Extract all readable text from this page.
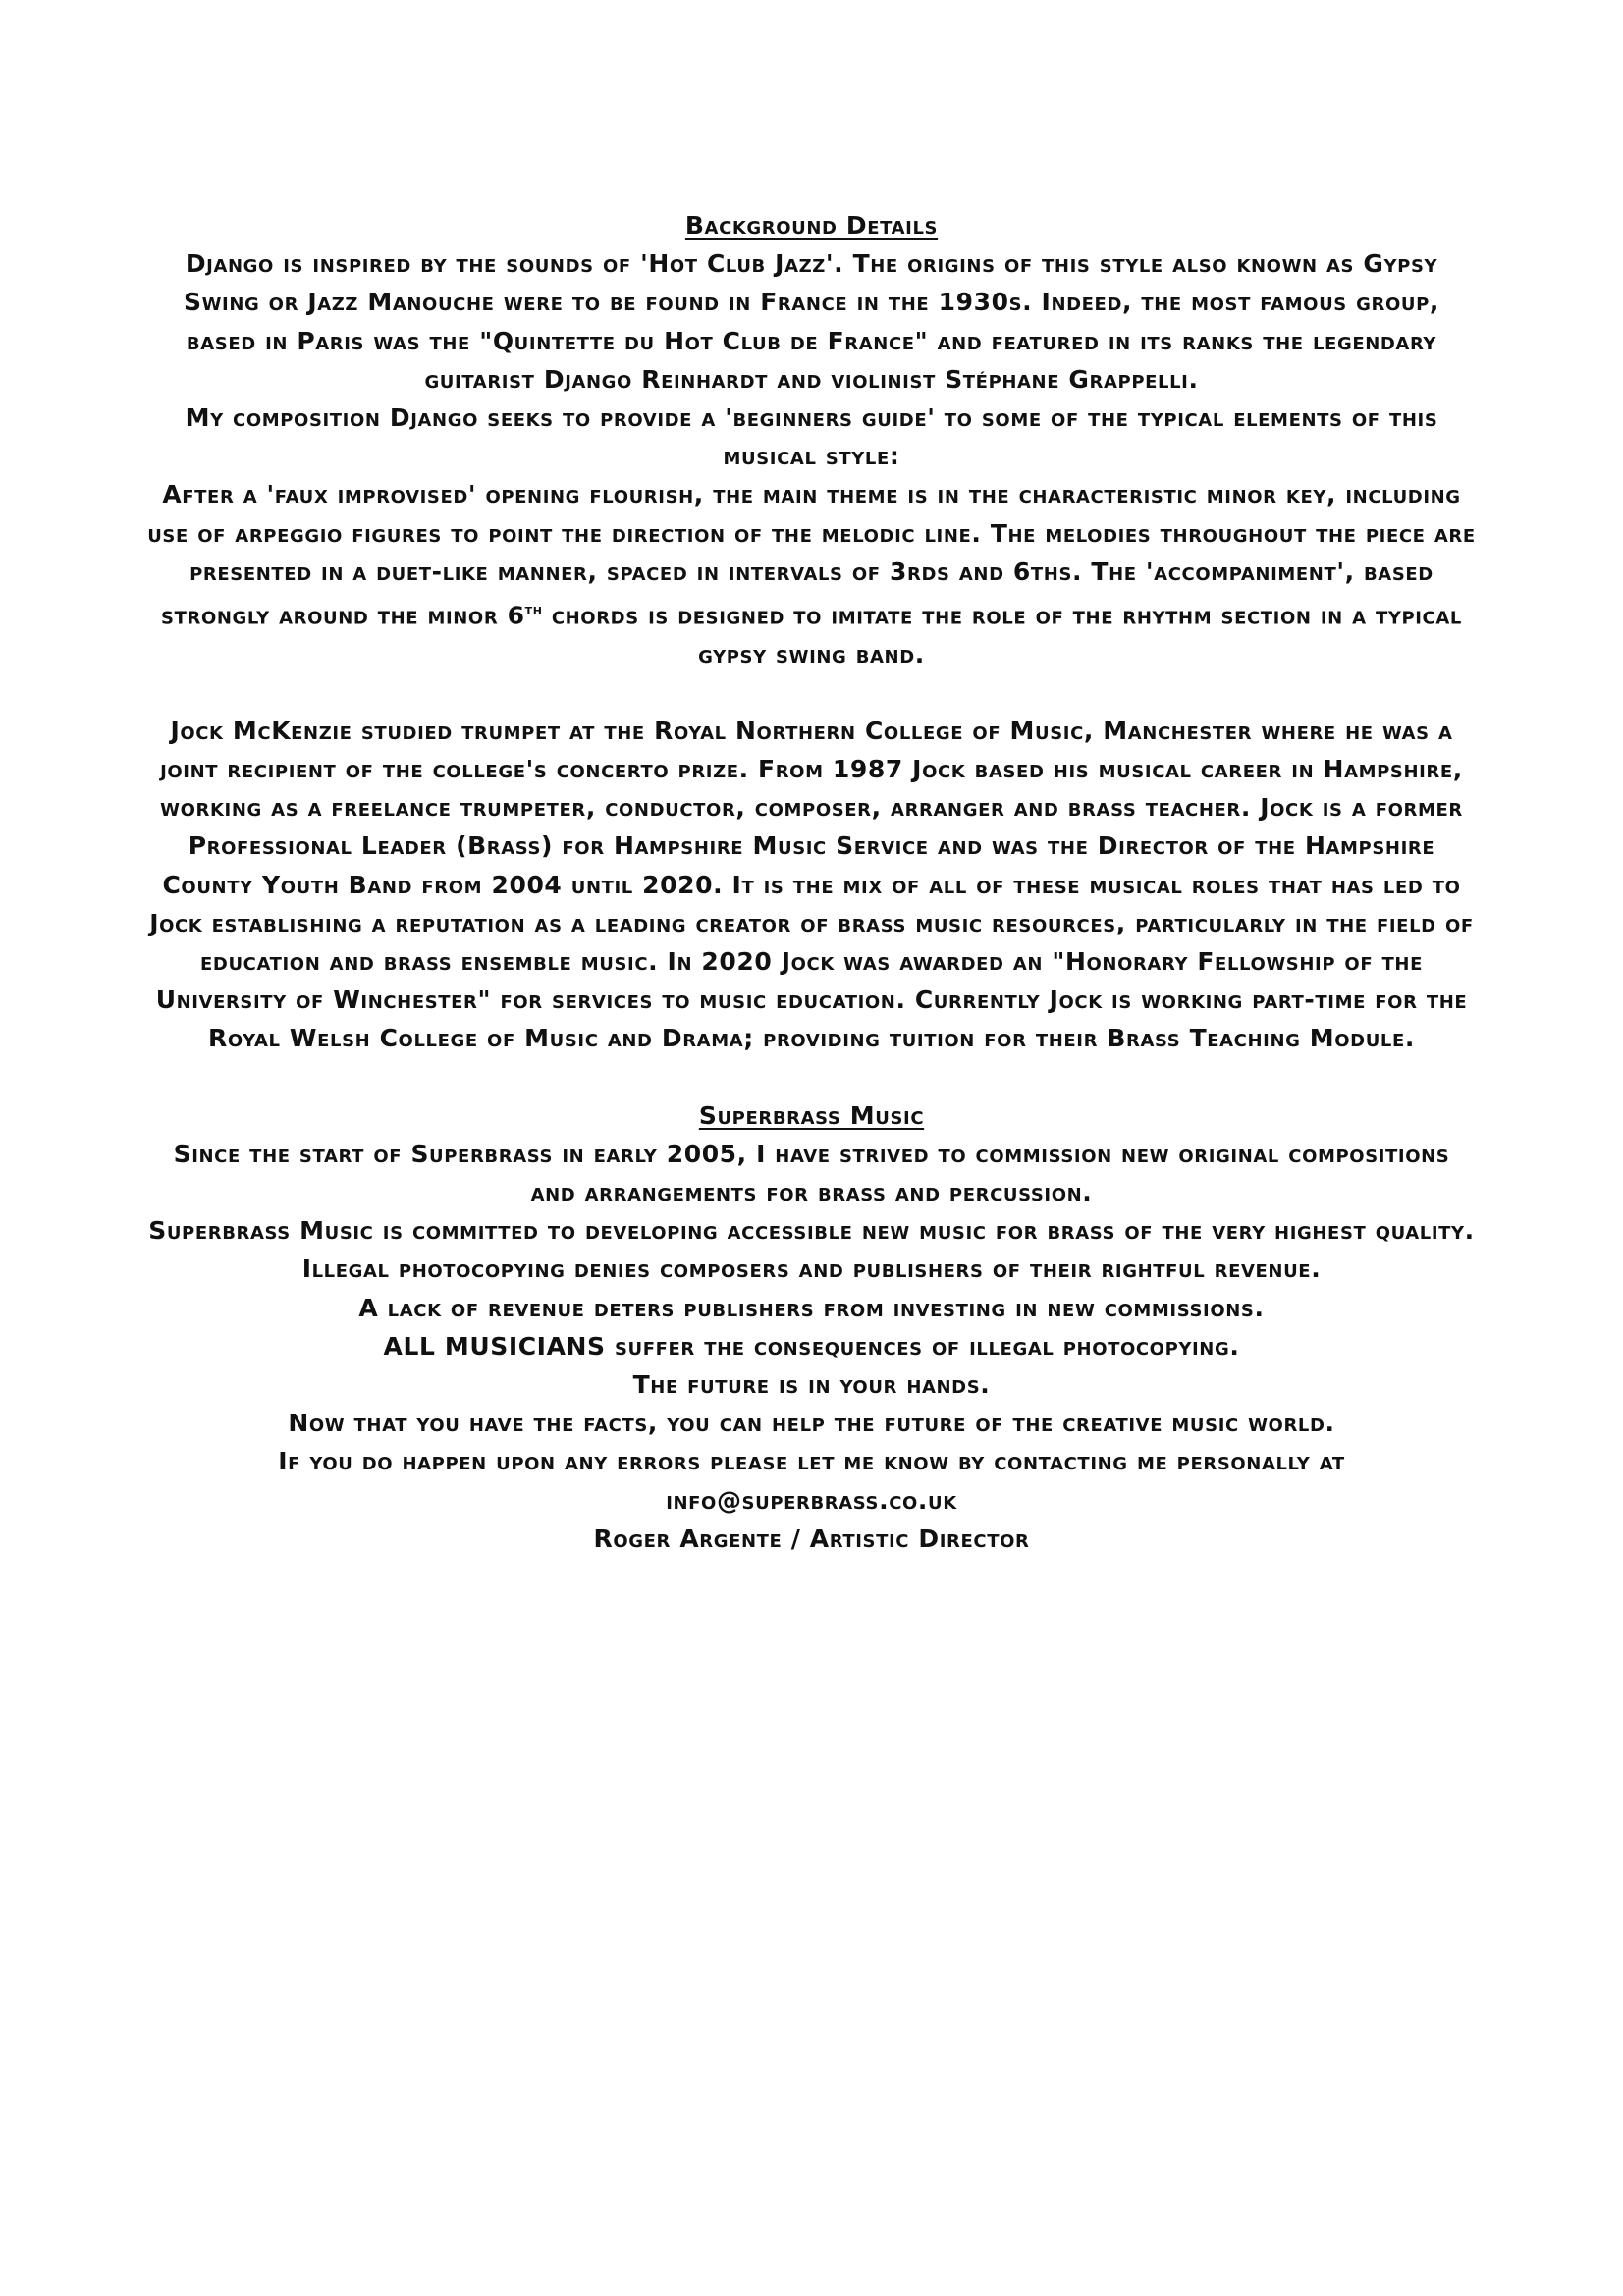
Background Details

Django is inspired by the sounds of 'Hot Club Jazz'. The origins of this style also known as Gypsy Swing or Jazz Manouche were to be found in France in the 1930s. Indeed, the most famous group, based in Paris was the "Quintette du Hot Club de France" and featured in its ranks the legendary guitarist Django Reinhardt and violinist Stéphane Grappelli.

My composition Django seeks to provide a 'beginners guide' to some of the typical elements of this musical style:

After a 'faux improvised' opening flourish, the main theme is in the characteristic minor key, including use of arpeggio figures to point the direction of the melodic line. The melodies throughout the piece are presented in a duet-like manner, spaced in intervals of 3rds and 6ths. The 'accompaniment', based strongly around the minor 6th chords is designed to imitate the role of the rhythm section in a typical gypsy swing band.

Jock McKenzie studied trumpet at the Royal Northern College of Music, Manchester where he was a joint recipient of the college's concerto prize. From 1987 Jock based his musical career in Hampshire, working as a freelance trumpeter, conductor, composer, arranger and brass teacher. Jock is a former Professional Leader (Brass) for Hampshire Music Service and was the Director of the Hampshire County Youth Band from 2004 until 2020. It is the mix of all of these musical roles that has led to Jock establishing a reputation as a leading creator of brass music resources, particularly in the field of education and brass ensemble music. In 2020 Jock was awarded an "Honorary Fellowship of the University of Winchester" for services to music education. Currently Jock is working part-time for the Royal Welsh College of Music and Drama; providing tuition for their Brass Teaching Module.

Superbrass Music

Since the start of Superbrass in early 2005, I have strived to commission new original compositions and arrangements for brass and percussion.

Superbrass Music is committed to developing accessible new music for brass of the very highest quality.

Illegal photocopying denies composers and publishers of their rightful revenue.

A lack of revenue deters publishers from investing in new commissions.

ALL MUSICIANS suffer the consequences of illegal photocopying.

The future is in your hands.

Now that you have the facts, you can help the future of the creative music world.

If you do happen upon any errors please let me know by contacting me personally at

info@superbrass.co.uk

Roger Argente / Artistic Director
